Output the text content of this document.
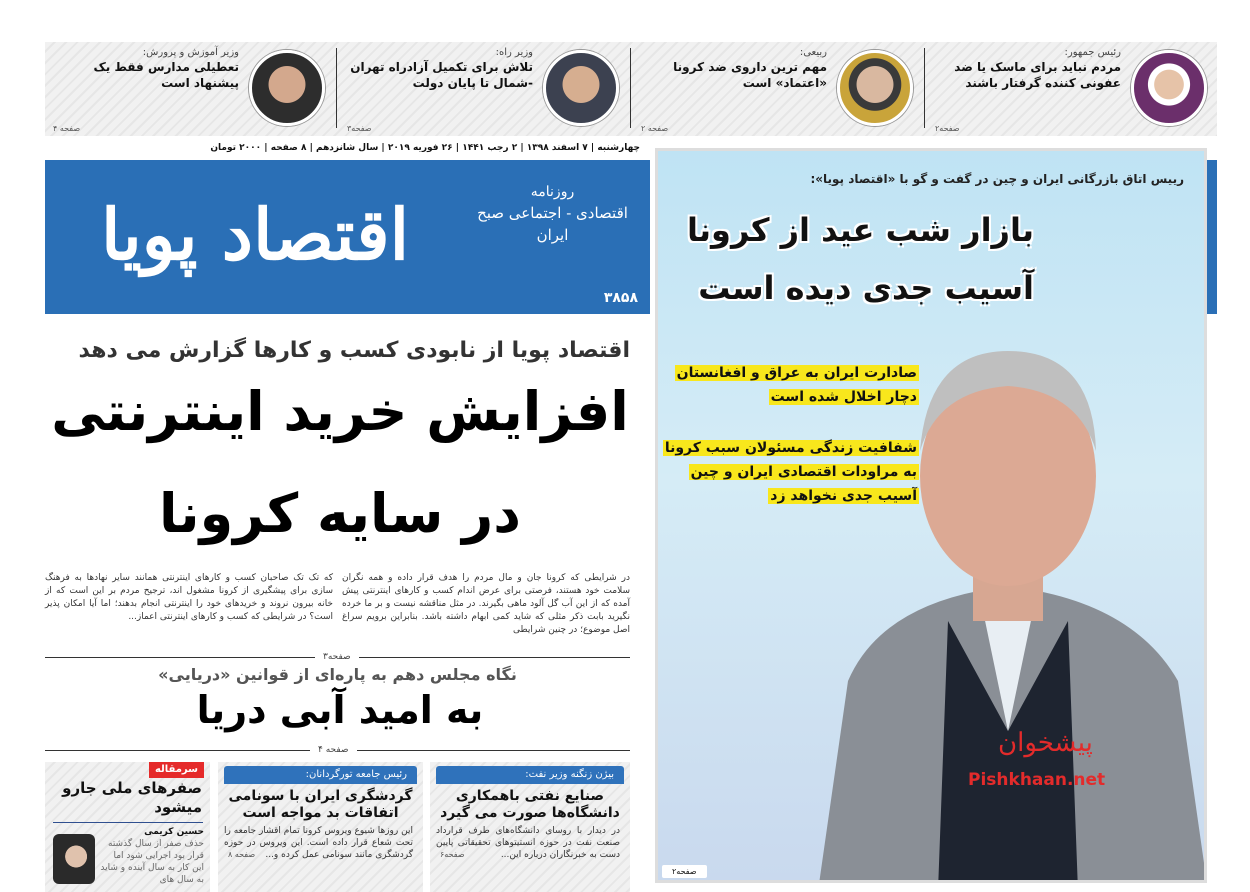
رئیس جمهور:
مردم نباید برای ماسک یا ضد عفونی کننده گرفتار باشند
صفحه۲
ربیعی:
مهم ترین داروی ضد کرونا «اعتماد» است
صفحه ۲
وزیر راه:
تلاش برای تکمیل آزادراه تهران -شمال تا پایان دولت
صفحه۳
وزیر آموزش و پرورش:
تعطیلی مدارس فقط یک پیشنهاد است
صفحه ۴
چهارشنبه | ۷ اسفند ۱۳۹۸ | ۲ رجب ۱۴۴۱ | ۲۶ فوریه ۲۰۱۹ | سال شانزدهم | ۸ صفحه | ۲۰۰۰ تومان
اقتصاد پویا
روزنامه
اقتصادی - اجتماعی صبح ایران
۳۸۵۸
اقتصاد پویا از نابودی کسب و کارها گزارش می دهد
افزایش خرید اینترنتی
در سایه کرونا
در شرایطی که کرونا جان و مال مردم را هدف قرار داده و همه نگران سلامت خود هستند، فرصتی برای عرض اندام کسب و کارهای اینترنتی پیش آمده که از این آب گل آلود ماهی بگیرند. در مثل مناقشه نیست و بر ما خرده نگیرید بابت ذکر مثلی که شاید کمی ابهام داشته باشد. بنابراین برویم سراغ اصل موضوع؛ در چنین شرایطی
که تک تک صاحبان کسب و کارهای اینترنتی همانند سایر نهادها به فرهنگ سازی برای پیشگیری از کرونا مشغول اند، ترجیح مردم بر این است که از خانه بیرون نروند و خریدهای خود را اینترنتی انجام بدهند؛ اما آیا امکان پذیر است؟ در شرایطی که کسب و کارهای اینترنتی اعماز...
صفحه۳
نگاه مجلس دهم به پاره‌ای از قوانین «دریایی»
به امید آبی دریا
صفحه ۴
بیژن زنگنه وزیر نفت:
صنایع نفتی باهمکاری دانشگاه‌ها صورت می گیرد
در دیدار با روسای دانشگاه‌های طرف قرارداد صنعت نفت در حوزه انستیتوهای تحقیقاتی پایین دست به خبرنگاران درباره این...
صفحه۶
رئیس جامعه تورگردانان:
گردشگری ایران با سونامی اتفاقات بد مواجه است
این روزها شیوع ویروس کرونا تمام اقشار جامعه را تحت شعاع قرار داده است. این ویروس در حوزه گردشگری مانند سونامی عمل کرده و...
صفحه ۸
سرمقاله
صفرهای ملی جارو میشود
حسین کریمی
حذف صفر از سال گذشته قرار بود اجرایی شود اما این کار به سال آینده و شاید به سال های
رییس اتاق بازرگانی ایران و چین در گفت و گو با «اقتصاد پویا»:
بازار شب عید از کرونا
آسیب جدی دیده است
صادارت ایران به عراق و افغانستان دچار اخلال شده است
شفافیت زندگی مسئولان سبب کرونا به مراودات اقتصادی ایران و چین آسیب جدی نخواهد زد
پیشخوان
Pishkhaan.net
صفحه۲
